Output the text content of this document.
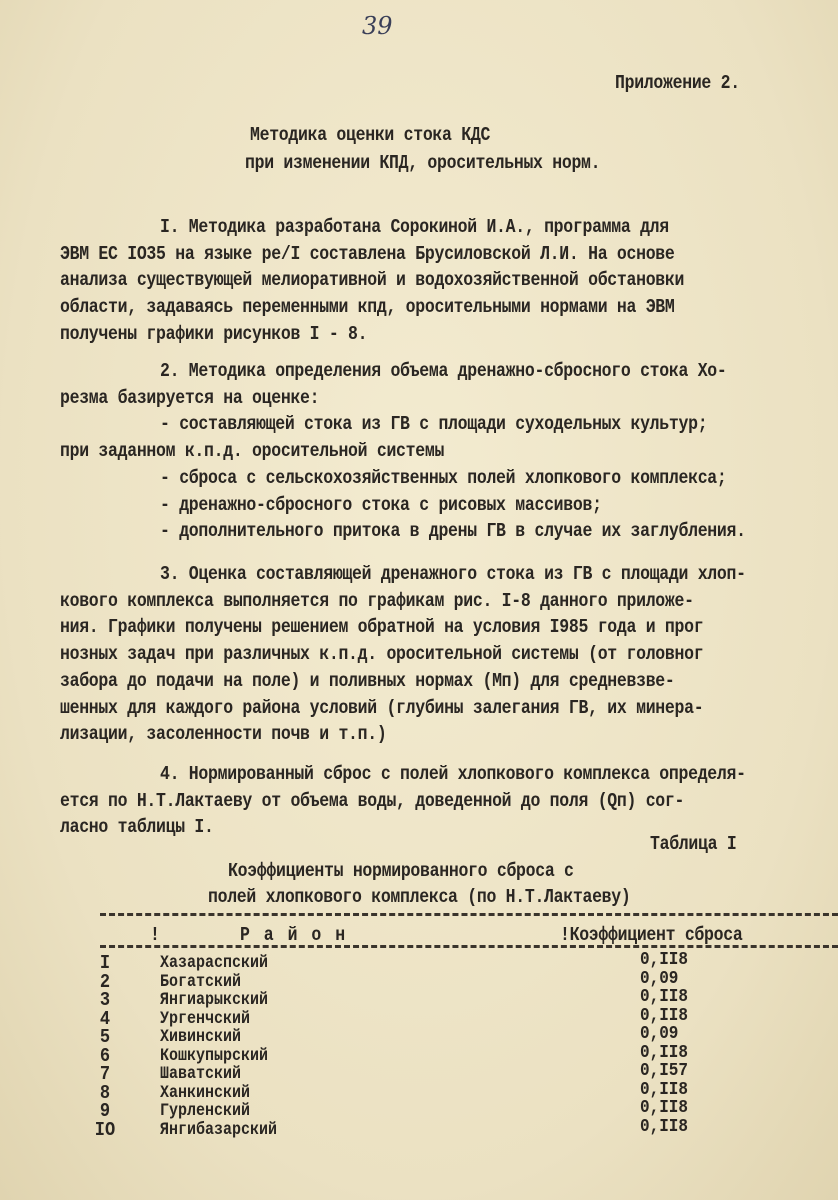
39
Приложение 2.
Методика оценки стока КДС
при изменении КПД, оросительных норм.
I. Методика разработана Сорокиной И.А., программа для
ЭВМ ЕС IO35 на языке pe/I составлена Брусиловской Л.И. На основе
анализа существующей мелиоративной и водохозяйственной обстановки
области, задаваясь переменными кпд, оросительными нормами на ЭВМ
получены графики рисунков I - 8.
2. Методика определения объема дренажно-сбросного стока Хо-
резма базируется на оценке:
- составляющей стока из ГВ с площади суходельных культур;
при заданном к.п.д. оросительной системы
- сброса с сельскохозяйственных полей хлопкового комплекса;
- дренажно-сбросного стока с рисовых массивов;
- дополнительного притока в дрены ГВ в случае их заглубления.
3. Оценка составляющей дренажного стока из ГВ с площади хлоп-
кового комплекса выполняется по графикам рис. I-8 данного приложе-
ния. Графики получены решением обратной на условия I985 года и прог
нозных задач при различных к.п.д. оросительной системы (от головног
забора до подачи на поле) и поливных нормах (Mп) для средневзве-
шенных для каждого района условий (глубины залегания ГВ, их минера-
лизации, засоленности почв и т.п.)
4. Нормированный сброс с полей хлопкового комплекса определя-
ется по Н.Т.Лактаеву от объема воды, доведенной до поля (Qп) сог-
ласно таблицы I.
Таблица I
Коэффициенты нормированного сброса с
полей хлопкового комплекса (по Н.Т.Лактаеву)
!	Р а й о н	!Коэффициент сброса
I	Хазараспский	0,II8
2	Богатский	0,09
3	Янгиарыкский	0,II8
4	Ургенчский	0,II8
5	Хивинский	0,09
6	Кошкупырский	0,II8
7	Шаватский	0,I57
8	Ханкинский	0,II8
9	Гурленский	0,II8
IO	Янгибазарский	0,II8
